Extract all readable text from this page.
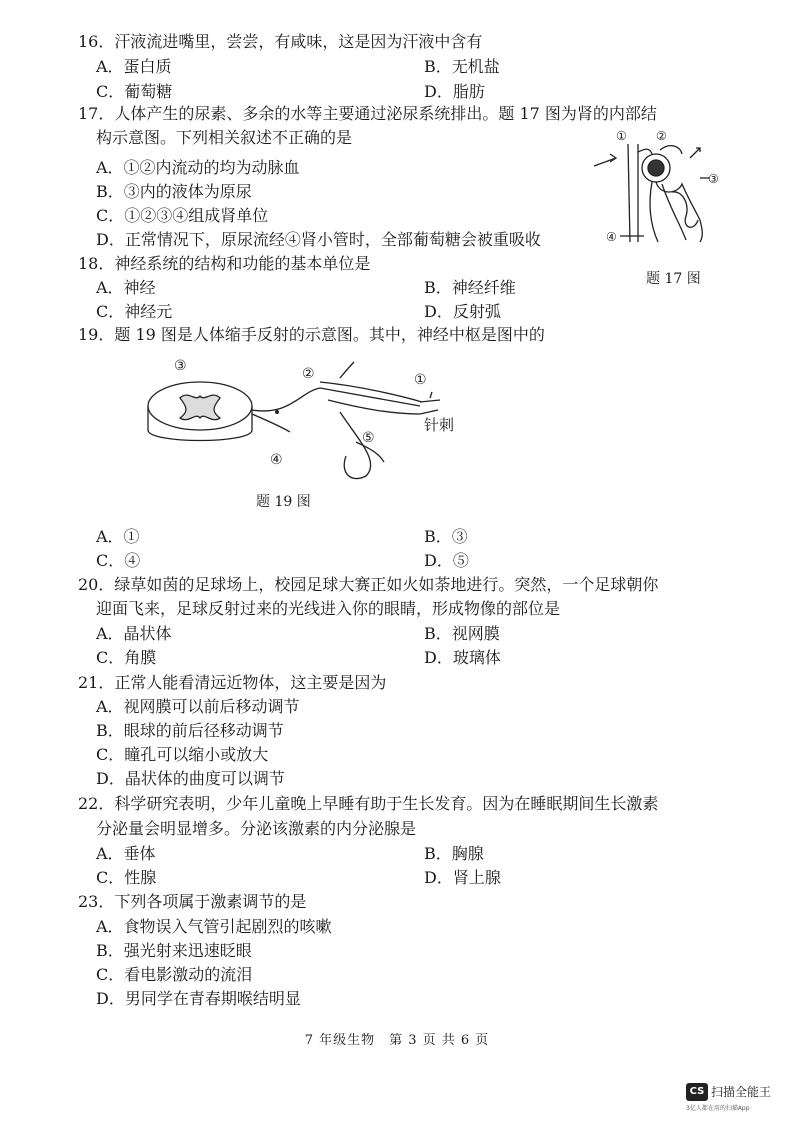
16．汗液流进嘴里，尝尝，有咸味，这是因为汗液中含有
A．蛋白质	B．无机盐
C．葡萄糖	D．脂肪
17．人体产生的尿素、多余的水等主要通过泌尿系统排出。题 17 图为肾的内部结
构示意图。下列相关叙述不正确的是
A．①②内流动的均为动脉血
B．③内的液体为原尿
C．①②③④组成肾单位
D．正常情况下，原尿流经④肾小管时，全部葡萄糖会被重吸收
① ②
③
④
题 17 图
18．神经系统的结构和功能的基本单位是
A．神经	B．神经纤维
C．神经元	D．反射弧
19．题 19 图是人体缩手反射的示意图。其中，神经中枢是图中的
③	②	①
⑤
④
针刺
题 19 图
A．①	B．③
C．④	D．⑤
20．绿草如茵的足球场上，校园足球大赛正如火如荼地进行。突然，一个足球朝你
迎面飞来，足球反射过来的光线进入你的眼睛，形成物像的部位是
A．晶状体	B．视网膜
C．角膜	D．玻璃体
21．正常人能看清远近物体，这主要是因为
A．视网膜可以前后移动调节
B．眼球的前后径移动调节
C．瞳孔可以缩小或放大
D．晶状体的曲度可以调节
22．科学研究表明，少年儿童晚上早睡有助于生长发育。因为在睡眠期间生长激素
分泌量会明显增多。分泌该激素的内分泌腺是
A．垂体	B．胸腺
C．性腺	D．肾上腺
23．下列各项属于激素调节的是
A．食物误入气管引起剧烈的咳嗽
B．强光射来迅速眨眼
C．看电影激动的流泪
D．男同学在青春期喉结明显
7 年级生物　第 3 页 共 6 页
CS 扫描全能王
3亿人都在用的扫描App
